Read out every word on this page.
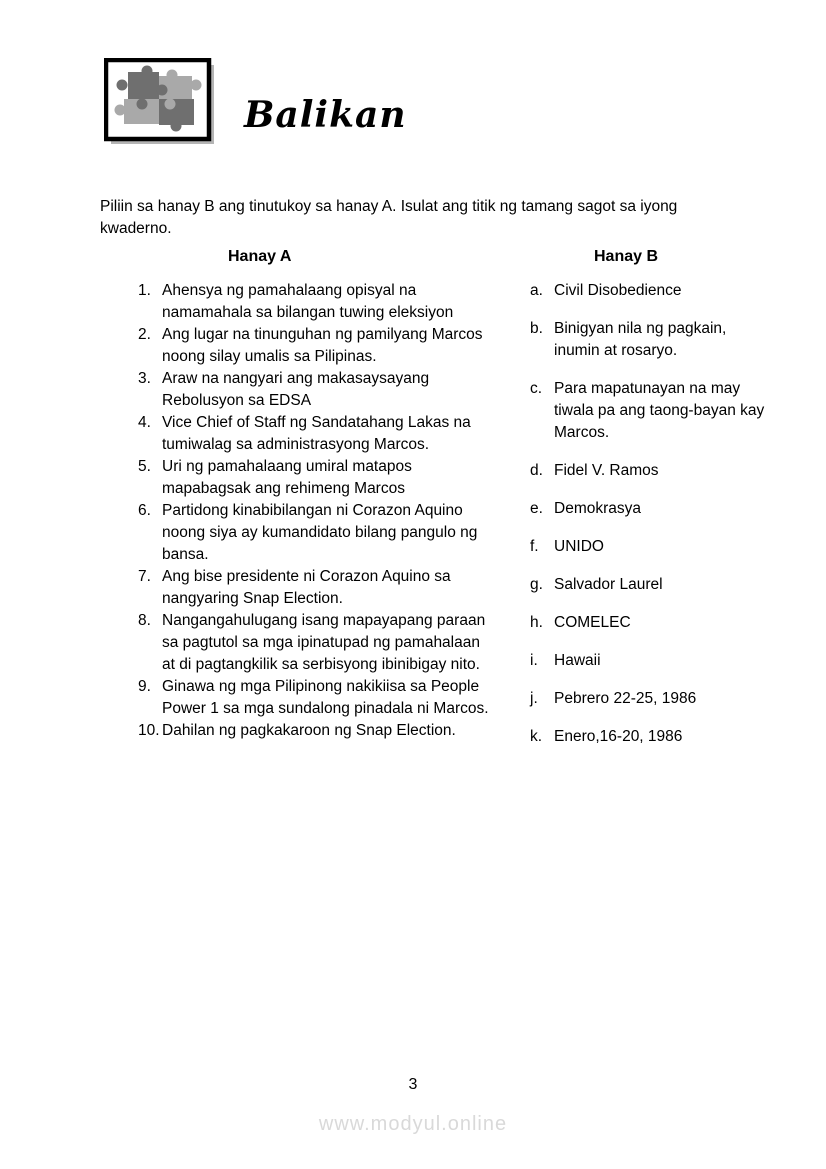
Balikan

Piliin sa hanay B ang tinutukoy sa hanay A. Isulat ang titik ng tamang sagot sa iyong kwaderno.

Hanay A	Hanay B
1. Ahensya ng pamahalaang opisyal na namamahala sa bilangan tuwing eleksiyon
2. Ang lugar na tinunguhan ng pamilyang Marcos noong silay umalis sa Pilipinas.
3. Araw na nangyari ang makasaysayang Rebolusyon sa EDSA
4. Vice Chief of Staff ng Sandatahang Lakas na tumiwalag sa administrasyong Marcos.
5. Uri ng pamahalaang umiral matapos mapabagsak ang rehimeng Marcos
6. Partidong kinabibilangan ni Corazon Aquino noong siya ay kumandidato bilang pangulo ng bansa.
7. Ang bise presidente ni Corazon Aquino sa nangyaring Snap Election.
8. Nangangahulugang isang mapayapang paraan sa pagtutol sa mga ipinatupad ng pamahalaan at di pagtangkilik sa serbisyong ibinibigay nito.
9. Ginawa ng mga Pilipinong nakikiisa sa People Power 1 sa mga sundalong pinadala ni Marcos.
10. Dahilan ng pagkakaroon ng Snap Election.
a. Civil Disobedience
b. Binigyan nila ng pagkain, inumin at rosaryo.
c. Para mapatunayan na may tiwala pa ang taong-bayan kay Marcos.
d. Fidel V. Ramos
e. Demokrasya
f. UNIDO
g. Salvador Laurel
h. COMELEC
i.	Hawaii
j.	Pebrero 22-25, 1986
k. Enero,16-20, 1986
3
www.modyul.online
